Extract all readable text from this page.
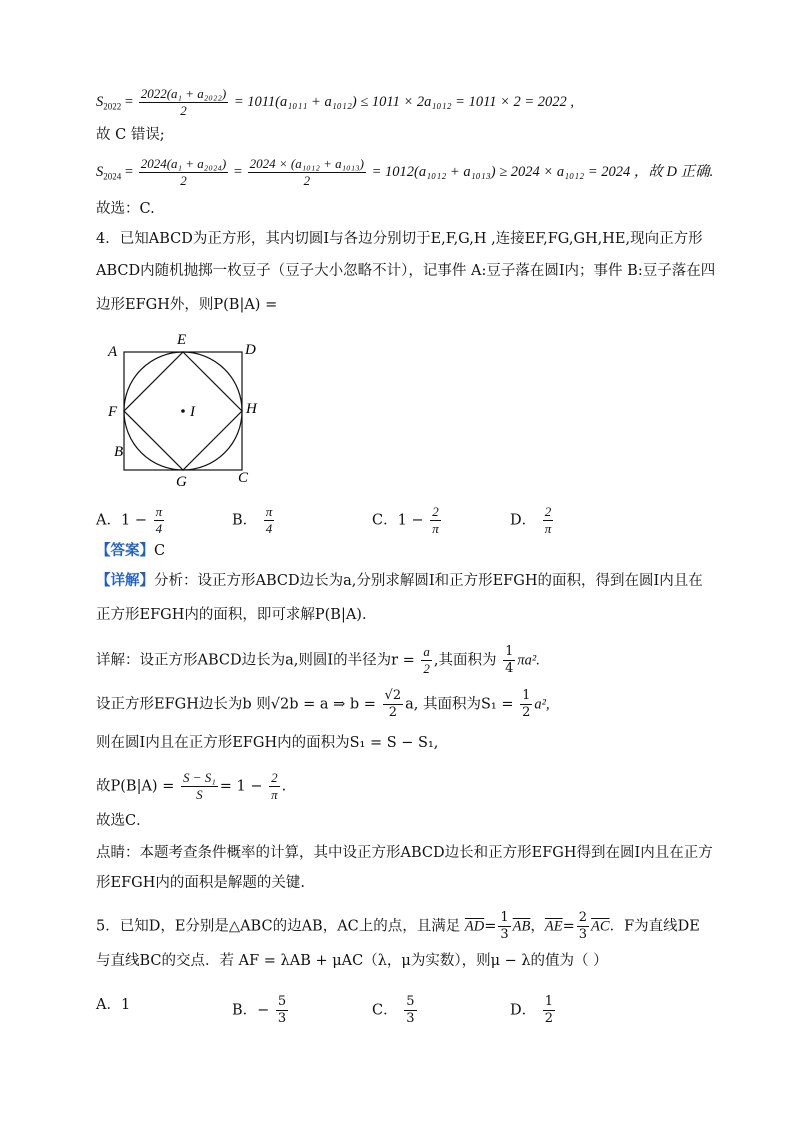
$S_{2022} = \frac{\text{2022(a₁ + a₂₀₂₂)}}{2} = 1011(a_{1011} + a_{1012}) \le 1011 \times 2a_{1012} = 1011 \times 2 = 2022$ ,
故 C 错误;
$S_{2024} = \frac{\text{2024(a₁ + a₂₀₂₄)}}{2} = \frac{\text{2024 × (a₁₀₁₂ + a₁₀₁₃)}}{2} = 1012(a_{1012} + a_{1013}) \ge 2024 \times a_{1012} = 2024$ ，故 D 正确.
故选：C.
4．已知ABCD为正方形，其内切圆I与各边分别切于E,F,G,H ,连接EF,FG,GH,HE,现向正方形
ABCD内随机抛掷一枚豆子（豆子大小忽略不计），记事件 A:豆子落在圆I内；事件 B:豆子落在四
边形EFGH外，则P(B|A) =
A
E
D
F	I	H
B
G	C
A．$1 - \frac{\pi}{4}$	B． $\frac{\pi}{4}$	C．$1 - \frac{2}{\pi}$	D． $\frac{2}{\pi}$
【答案】C
【详解】分析：设正方形ABCD边长为a,分别求解圆I和正方形EFGH的面积，得到在圆I内且在
正方形EFGH内的面积，即可求解P(B|A).
详解：设正方形ABCD边长为a,则圆I的半径为$r = \frac{a}{2}$ ,其面积为 $\frac{1}{4} \pi a^2$.
设正方形EFGH边长为b 则√2b = a ⇒ $b = \frac{√2}{2} a$, 其面积为$S_1 = \frac{1}{2} a^2$,
则在圆I内且在正方形EFGH内的面积为S₁ = S − S₁,
故$P(B|A) = \frac{\text{S − S₁}}{S} = 1 - \frac{2}{\pi}$ .
故选C．
点睛：本题考查条件概率的计算，其中设正方形ABCD边长和正方形EFGH得到在圆I内且在正方
形EFGH内的面积是解题的关键.
5．已知D，E分别是△ABC的边AB，AC上的点，且满足 $\overline{AD}= \frac{1}{3} \overline{AB}$，$\overline{AE}= \frac{2}{3} \overline{AC}$．F为直线DE
与直线BC的交点．若 AF = λAB + μAC（λ，μ为实数），则μ − λ的值为（ ）
A．1	B．− $\frac{5}{3}$	C． $\frac{5}{3}$	D． $\frac{1}{2}$
